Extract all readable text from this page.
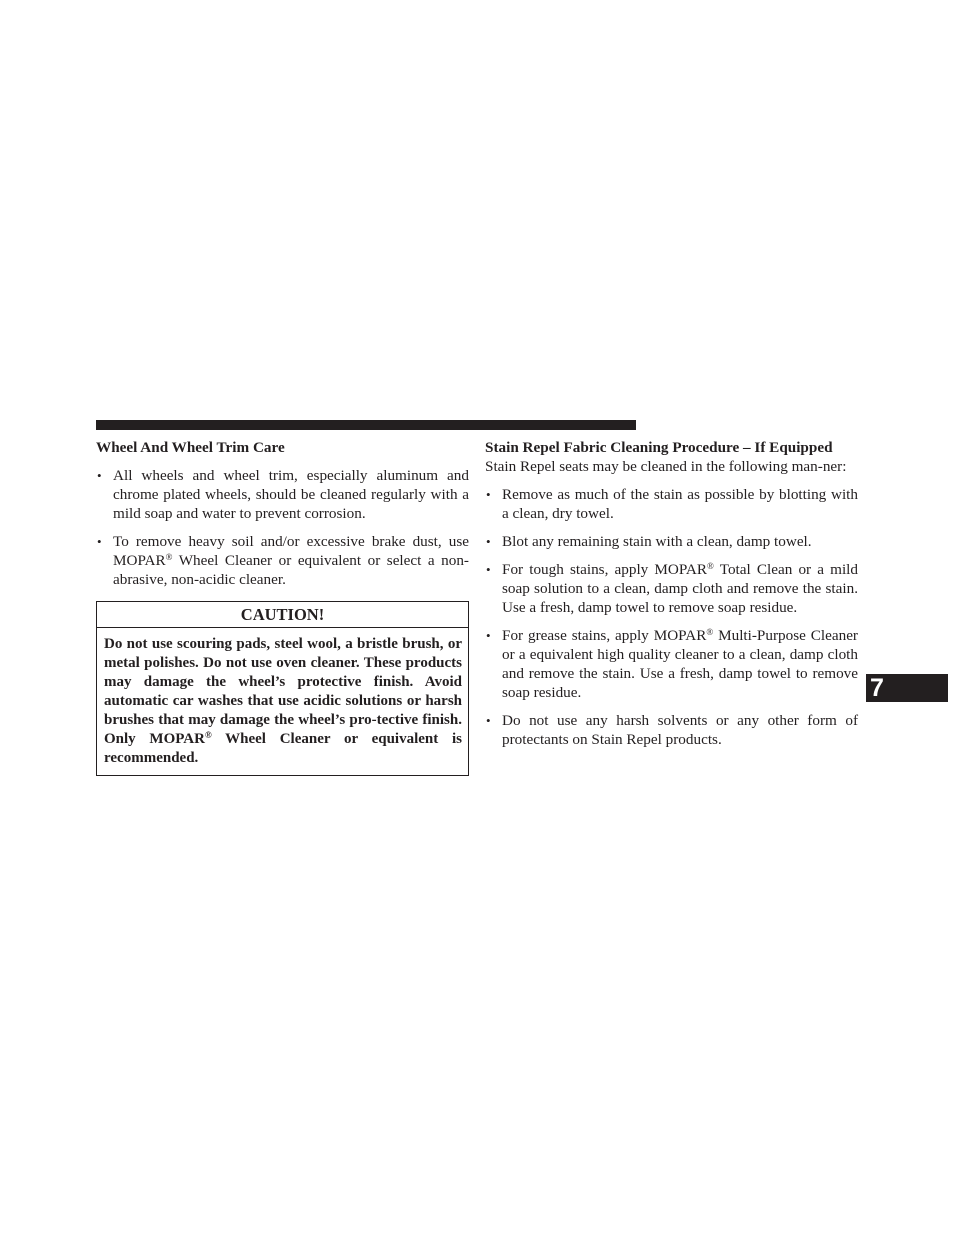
Wheel And Wheel Trim Care

• All wheels and wheel trim, especially aluminum and chrome plated wheels, should be cleaned regularly with a mild soap and water to prevent corrosion.
• To remove heavy soil and/or excessive brake dust, use MOPAR® Wheel Cleaner or equivalent or select a non-abrasive, non-acidic cleaner.
CAUTION!
Do not use scouring pads, steel wool, a bristle brush, or metal polishes. Do not use oven cleaner. These products may damage the wheel’s protective finish. Avoid automatic car washes that use acidic solutions or harsh brushes that may damage the wheel’s pro-tective finish. Only MOPAR® Wheel Cleaner or equivalent is recommended.

Stain Repel Fabric Cleaning Procedure – If Equipped

Stain Repel seats may be cleaned in the following man-ner:

• Remove as much of the stain as possible by blotting with a clean, dry towel.
• Blot any remaining stain with a clean, damp towel.
• For tough stains, apply MOPAR® Total Clean or a mild soap solution to a clean, damp cloth and remove the stain. Use a fresh, damp towel to remove soap residue.
• For grease stains, apply MOPAR® Multi-Purpose Cleaner or a equivalent high quality cleaner to a clean, damp cloth and remove the stain. Use a fresh, damp towel to remove soap residue.
• Do not use any harsh solvents or any other form of protectants on Stain Repel products.
7
